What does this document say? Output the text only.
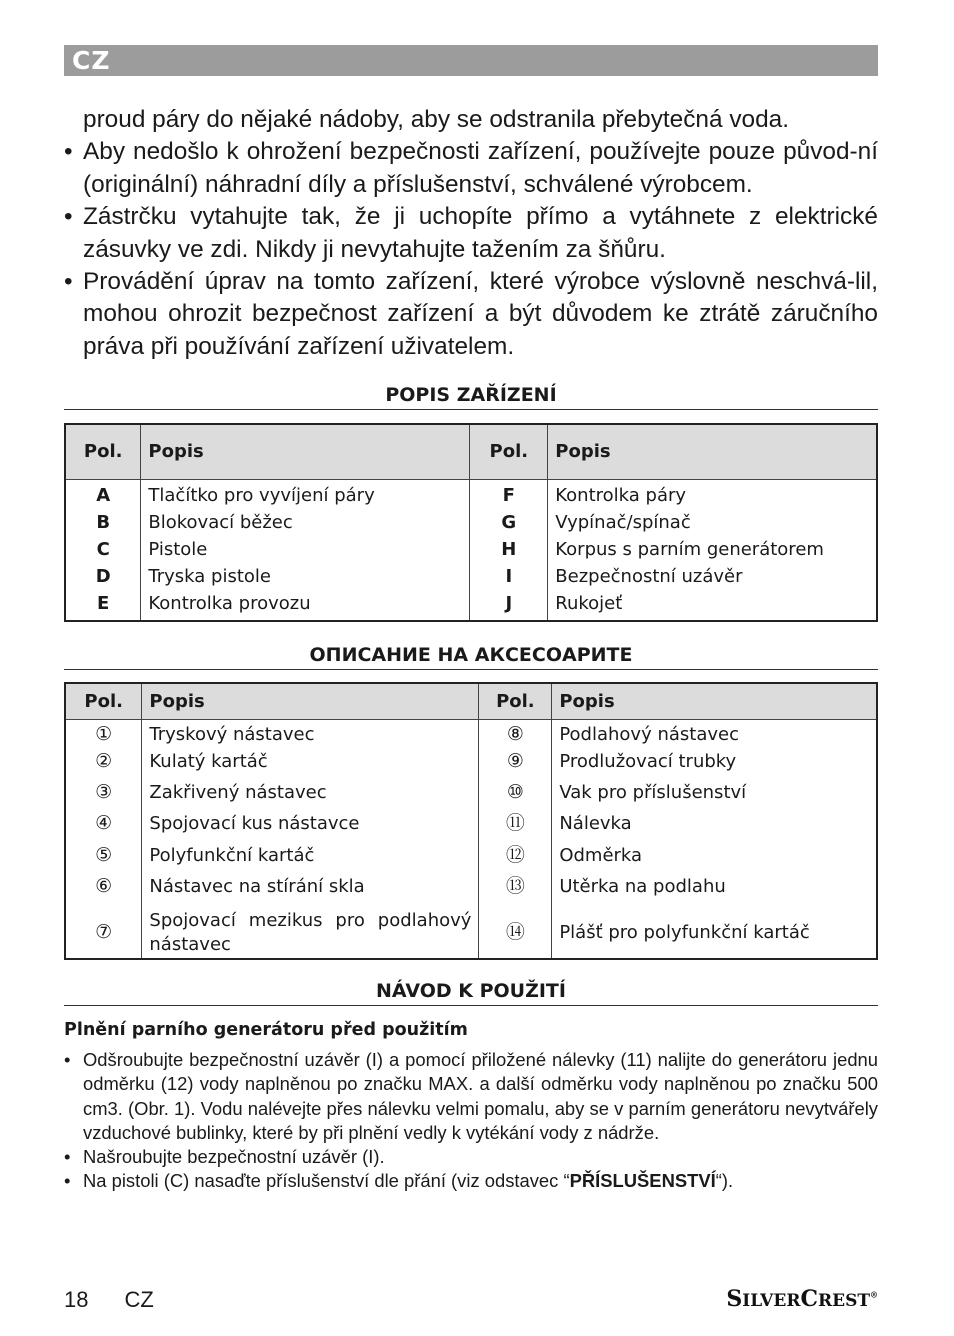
CZ

proud páry do nějaké nádoby, aby se odstranila přebytečná voda.

• Aby nedošlo k ohrožení bezpečnosti zařízení, používejte pouze původ-ní (originální) náhradní díly a příslušenství, schválené výrobcem.
• Zástrčku vytahujte tak, že ji uchopíte přímo a vytáhnete z elektrické zásuvky ve zdi. Nikdy ji nevytahujte tažením za šňůru.
• Provádění úprav na tomto zařízení, které výrobce výslovně neschvá-lil, mohou ohrozit bezpečnost zařízení a být důvodem ke ztrátě záručního práva při používání zařízení uživatelem.
POPIS ZAŘÍZENÍ
Pol.	Popis	Pol.	Popis
A	Tlačítko pro vyvíjení páry	F	Kontrolka páry
B	Blokovací běžec	G	Vypínač/spínač
C	Pistole	H	Korpus s parním generátorem
D	Tryska pistole	I	Bezpečnostní uzávěr
E	Kontrolka provozu	J	Rukojeť
ОПИСАНИЕ НА АКСЕСОАРИТЕ
Pol.	Popis	Pol.	Popis
①	Tryskový nástavec	⑧	Podlahový nástavec
②	Kulatý kartáč	⑨	Prodlužovací trubky
③	Zakřivený nástavec	⑩	Vak pro příslušenství
④	Spojovací kus nástavce	⑪	Nálevka
⑤	Polyfunkční kartáč	⑫	Odměrka
⑥	Nástavec na stírání skla	⑬	Utěrka na podlahu
⑦	Spojovací mezikus pro podlahový nástavec	⑭	Plášť pro polyfunkční kartáč
NÁVOD K POUŽITÍ
Plnění parního generátoru před použitím
• Odšroubujte bezpečnostní uzávěr (I) a pomocí přiložené nálevky (11) nalijte do generátoru jednu odměrku (12) vody naplněnou po značku MAX. a další odměrku vody naplněnou po značku 500 cm3. (Obr. 1). Vodu nalévejte přes nálevku velmi pomalu, aby se v parním generátoru nevytvářely vzduchové bublinky, které by při plnění vedly k vytékání vody z nádrže.
• Našroubujte bezpečnostní uzávěr (I).
• Na pistoli (C) nasaďte příslušenství dle přání (viz odstavec “PŘÍSLUŠENSTVÍ“).
18 CZ	SILVERCREST®
